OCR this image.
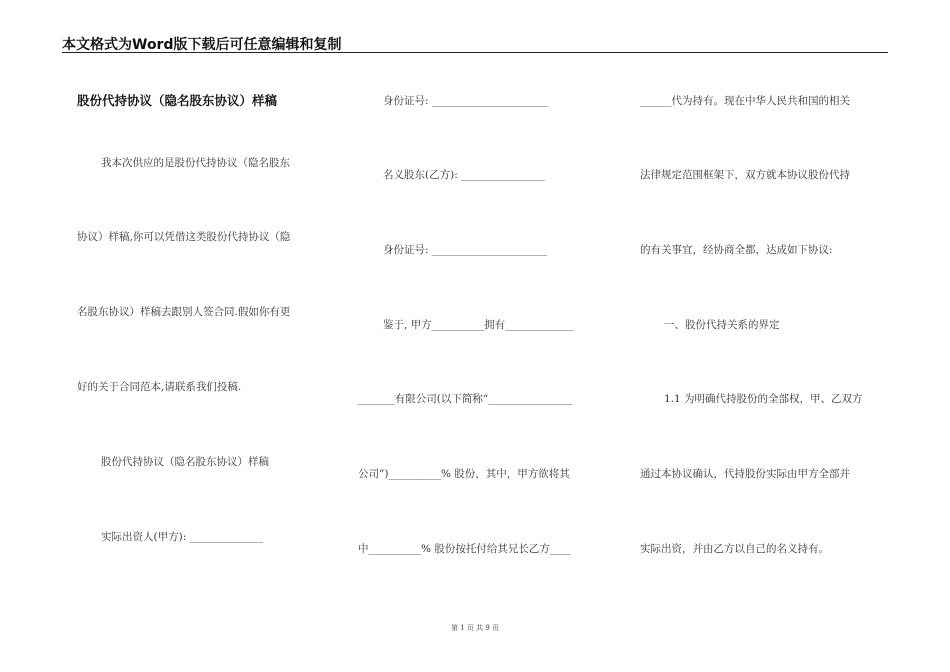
本文格式为Word版下载后可任意编辑和复制
股份代持协议（隐名股东协议）样稿
我本次供应的是股份代持协议（隐名股东
协议）样稿,你可以凭借这类股份代持协议（隐
名股东协议）样稿去跟别人签合同.假如你有更
好的关于合同范本,请联系我们投稿.
股份代持协议（隐名股东协议）样稿
实际出资人(甲方): ______________
身份证号: ______________________
名义股东(乙方): ________________
身份证号: ______________________
鉴于, 甲方__________拥有_____________
_______有限公司(以下简称“________________
公司”)__________% 股份，其中，甲方欲将其
中__________% 股份按托付给其兄长乙方____
______代为持有。现在中华人民共和国的相关
法律规定范围框架下，双方就本协议股份代持
的有关事宜，经协商全都，达成如下协议:
一、股份代持关系的界定
1.1 为明确代持股份的全部权，甲、乙双方
通过本协议确认，代持股份实际由甲方全部并
实际出资，并由乙方以自己的名义持有。
第 1 页 共 9 页
